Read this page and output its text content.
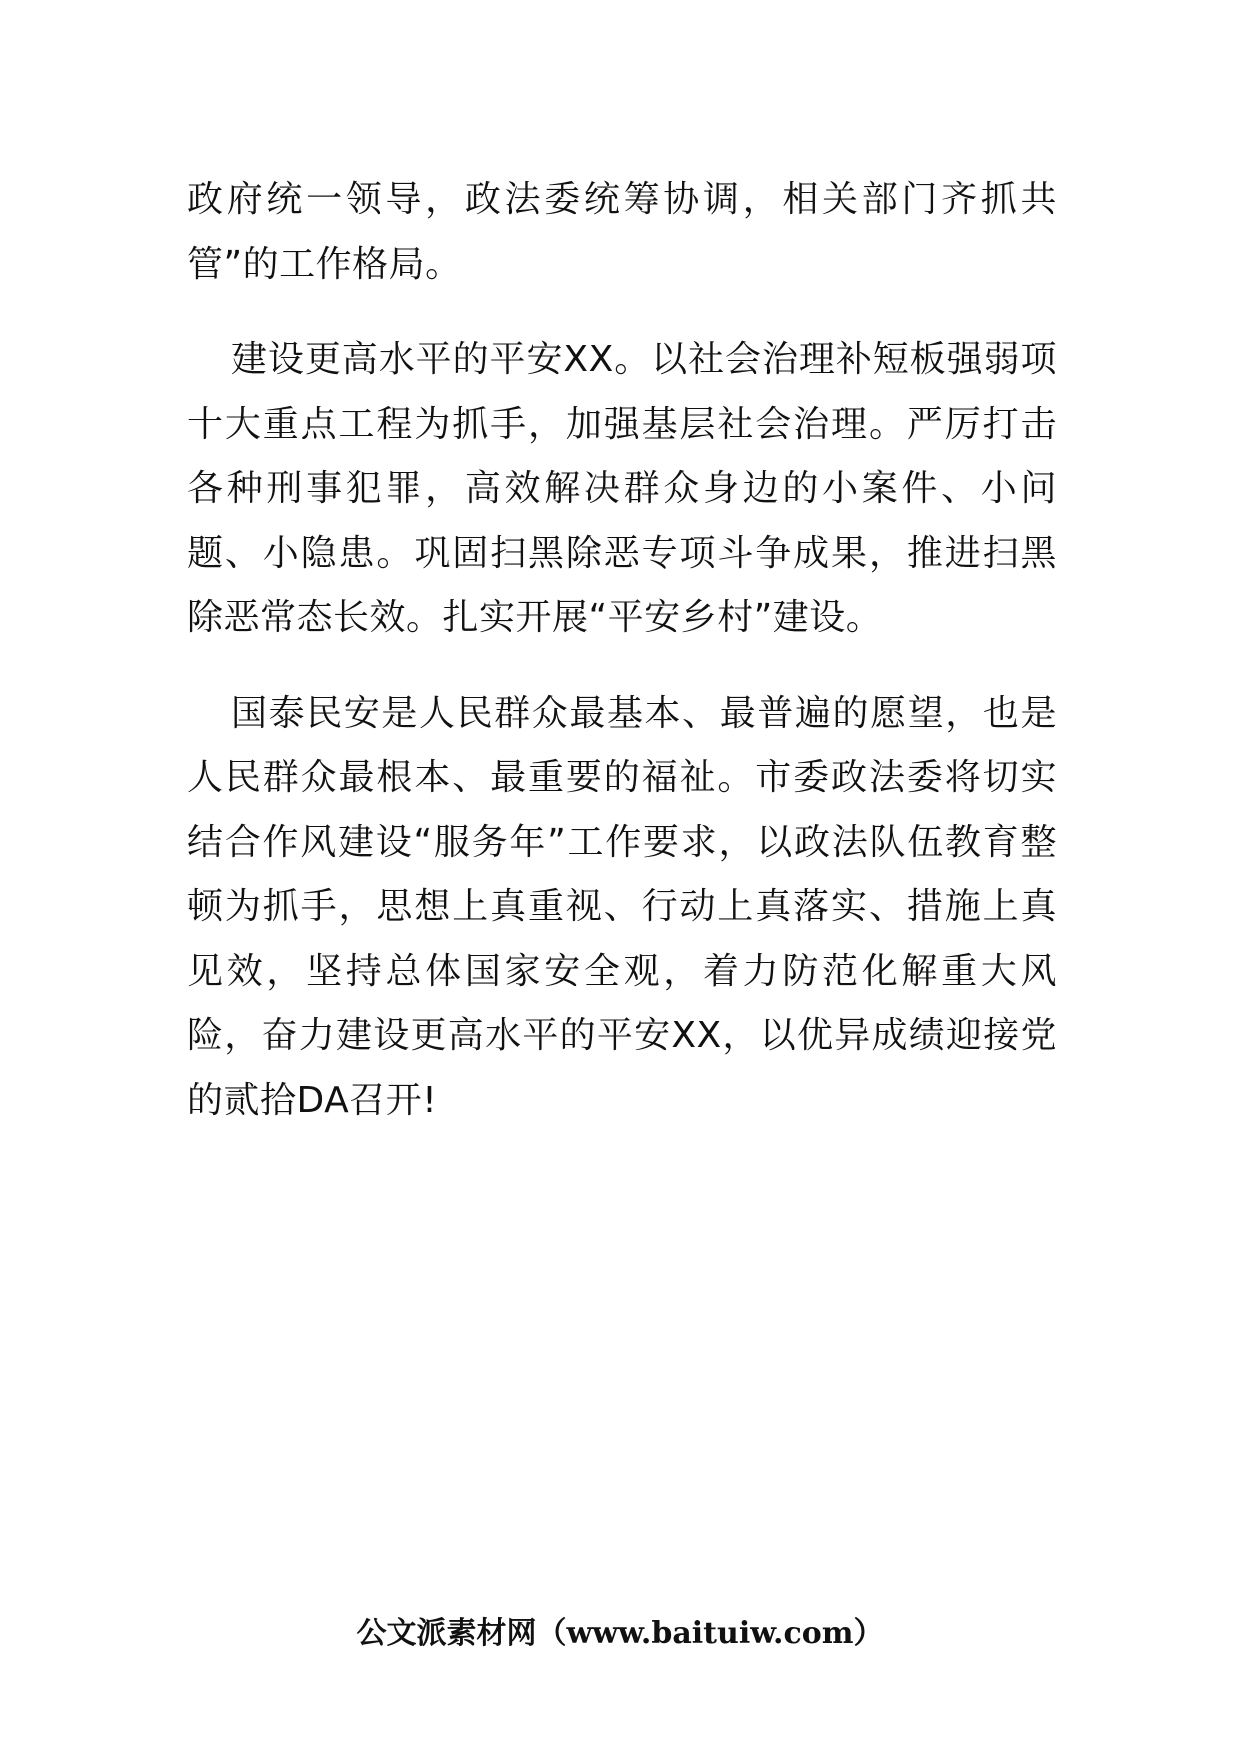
政府统一领导，政法委统筹协调，相关部门齐抓共管”的工作格局。

建设更高水平的平安XX。以社会治理补短板强弱项十大重点工程为抓手，加强基层社会治理。严厉打击各种刑事犯罪，高效解决群众身边的小案件、小问题、小隐患。巩固扫黑除恶专项斗争成果，推进扫黑除恶常态长效。扎实开展“平安乡村”建设。

国泰民安是人民群众最基本、最普遍的愿望，也是人民群众最根本、最重要的福祉。市委政法委将切实结合作风建设“服务年”工作要求，以政法队伍教育整顿为抓手，思想上真重视、行动上真落实、措施上真见效，坚持总体国家安全观，着力防范化解重大风险，奋力建设更高水平的平安XX，以优异成绩迎接党的贰拾DA召开!

公文派素材网（www.baituiw.com）
